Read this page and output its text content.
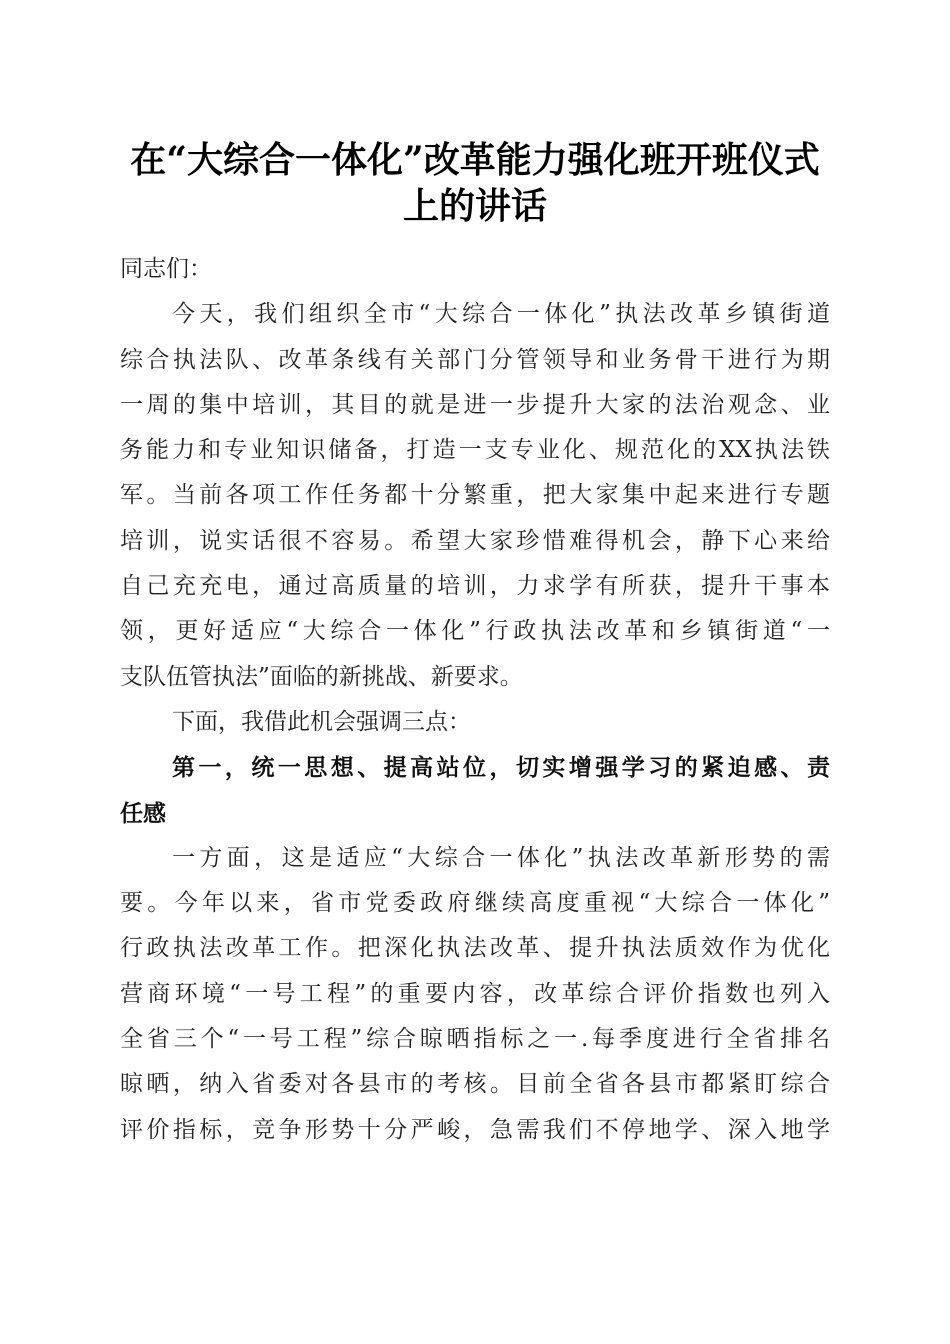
在“大综合一体化”改革能力强化班开班仪式
上的讲话
同志们：
今天，我们组织全市“大综合一体化”执法改革乡镇街道
综合执法队、改革条线有关部门分管领导和业务骨干进行为期
一周的集中培训，其目的就是进一步提升大家的法治观念、业
务能力和专业知识储备，打造一支专业化、规范化的XX执法铁
军。当前各项工作任务都十分繁重，把大家集中起来进行专题
培训，说实话很不容易。希望大家珍惜难得机会，静下心来给
自己充充电，通过高质量的培训，力求学有所获，提升干事本
领，更好适应“大综合一体化”行政执法改革和乡镇街道“一
支队伍管执法”面临的新挑战、新要求。
下面，我借此机会强调三点：
第一，统一思想、提高站位，切实增强学习的紧迫感、责
任感
一方面，这是适应“大综合一体化”执法改革新形势的需
要。今年以来，省市党委政府继续高度重视“大综合一体化”
行政执法改革工作。把深化执法改革、提升执法质效作为优化
营商环境“一号工程”的重要内容，改革综合评价指数也列入
全省三个“一号工程”综合晾晒指标之一.每季度进行全省排名
晾晒，纳入省委对各县市的考核。目前全省各县市都紧盯综合
评价指标，竞争形势十分严峻，急需我们不停地学、深入地学
